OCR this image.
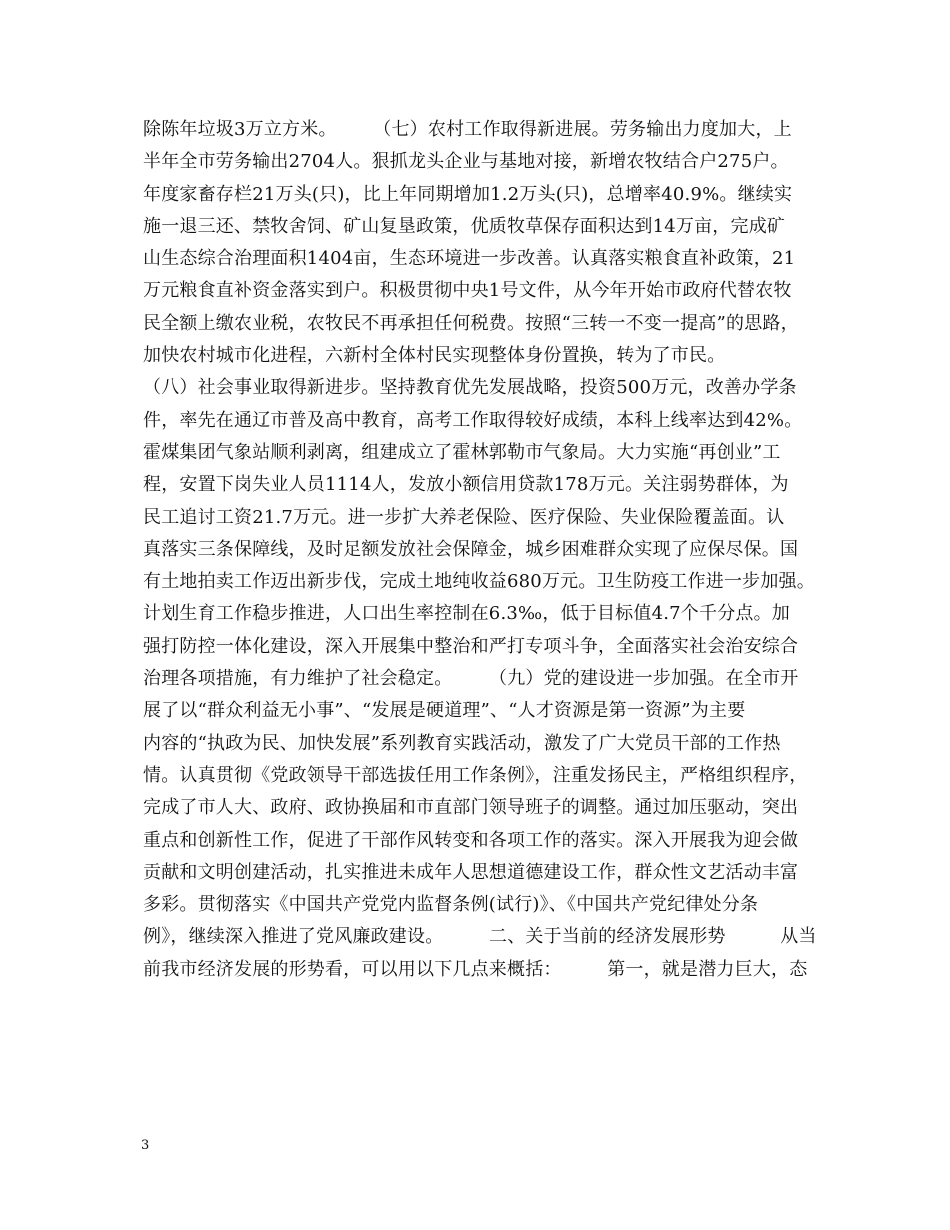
除陈年垃圾3万立方米。　　　（七）农村工作取得新进展。劳务输出力度加大，上
半年全市劳务输出2704人。狠抓龙头企业与基地对接，新增农牧结合户275户。
年度家畜存栏21万头(只)，比上年同期增加1.2万头(只)，总增率40.9%。继续实
施一退三还、禁牧舍饲、矿山复垦政策，优质牧草保存面积达到14万亩，完成矿
山生态综合治理面积1404亩，生态环境进一步改善。认真落实粮食直补政策，21
万元粮食直补资金落实到户。积极贯彻中央1号文件，从今年开始市政府代替农牧
民全额上缴农业税，农牧民不再承担任何税费。按照“三转一不变一提高”的思路，
加快农村城市化进程，六新村全体村民实现整体身份置换，转为了市民。
（八）社会事业取得新进步。坚持教育优先发展战略，投资500万元，改善办学条
件，率先在通辽市普及高中教育，高考工作取得较好成绩，本科上线率达到42%。
霍煤集团气象站顺利剥离，组建成立了霍林郭勒市气象局。大力实施“再创业”工
程，安置下岗失业人员1114人，发放小额信用贷款178万元。关注弱势群体，为
民工追讨工资21.7万元。进一步扩大养老保险、医疗保险、失业保险覆盖面。认
真落实三条保障线，及时足额发放社会保障金，城乡困难群众实现了应保尽保。国
有土地拍卖工作迈出新步伐，完成土地纯收益680万元。卫生防疫工作进一步加强。
计划生育工作稳步推进，人口出生率控制在6.3‰，低于目标值4.7个千分点。加
强打防控一体化建设，深入开展集中整治和严打专项斗争，全面落实社会治安综合
治理各项措施，有力维护了社会稳定。　　　（九）党的建设进一步加强。在全市开
展了以“群众利益无小事”、“发展是硬道理”、“人才资源是第一资源”为主要
内容的“执政为民、加快发展”系列教育实践活动，激发了广大党员干部的工作热
情。认真贯彻《党政领导干部选拔任用工作条例》，注重发扬民主，严格组织程序，
完成了市人大、政府、政协换届和市直部门领导班子的调整。通过加压驱动，突出
重点和创新性工作，促进了干部作风转变和各项工作的落实。深入开展我为迎会做
贡献和文明创建活动，扎实推进未成年人思想道德建设工作，群众性文艺活动丰富
多彩。贯彻落实《中国共产党党内监督条例(试行)》、《中国共产党纪律处分条
例》，继续深入推进了党风廉政建设。　　　二、关于当前的经济发展形势　　　从当
前我市经济发展的形势看，可以用以下几点来概括：　　　第一，就是潜力巨大，态
3
